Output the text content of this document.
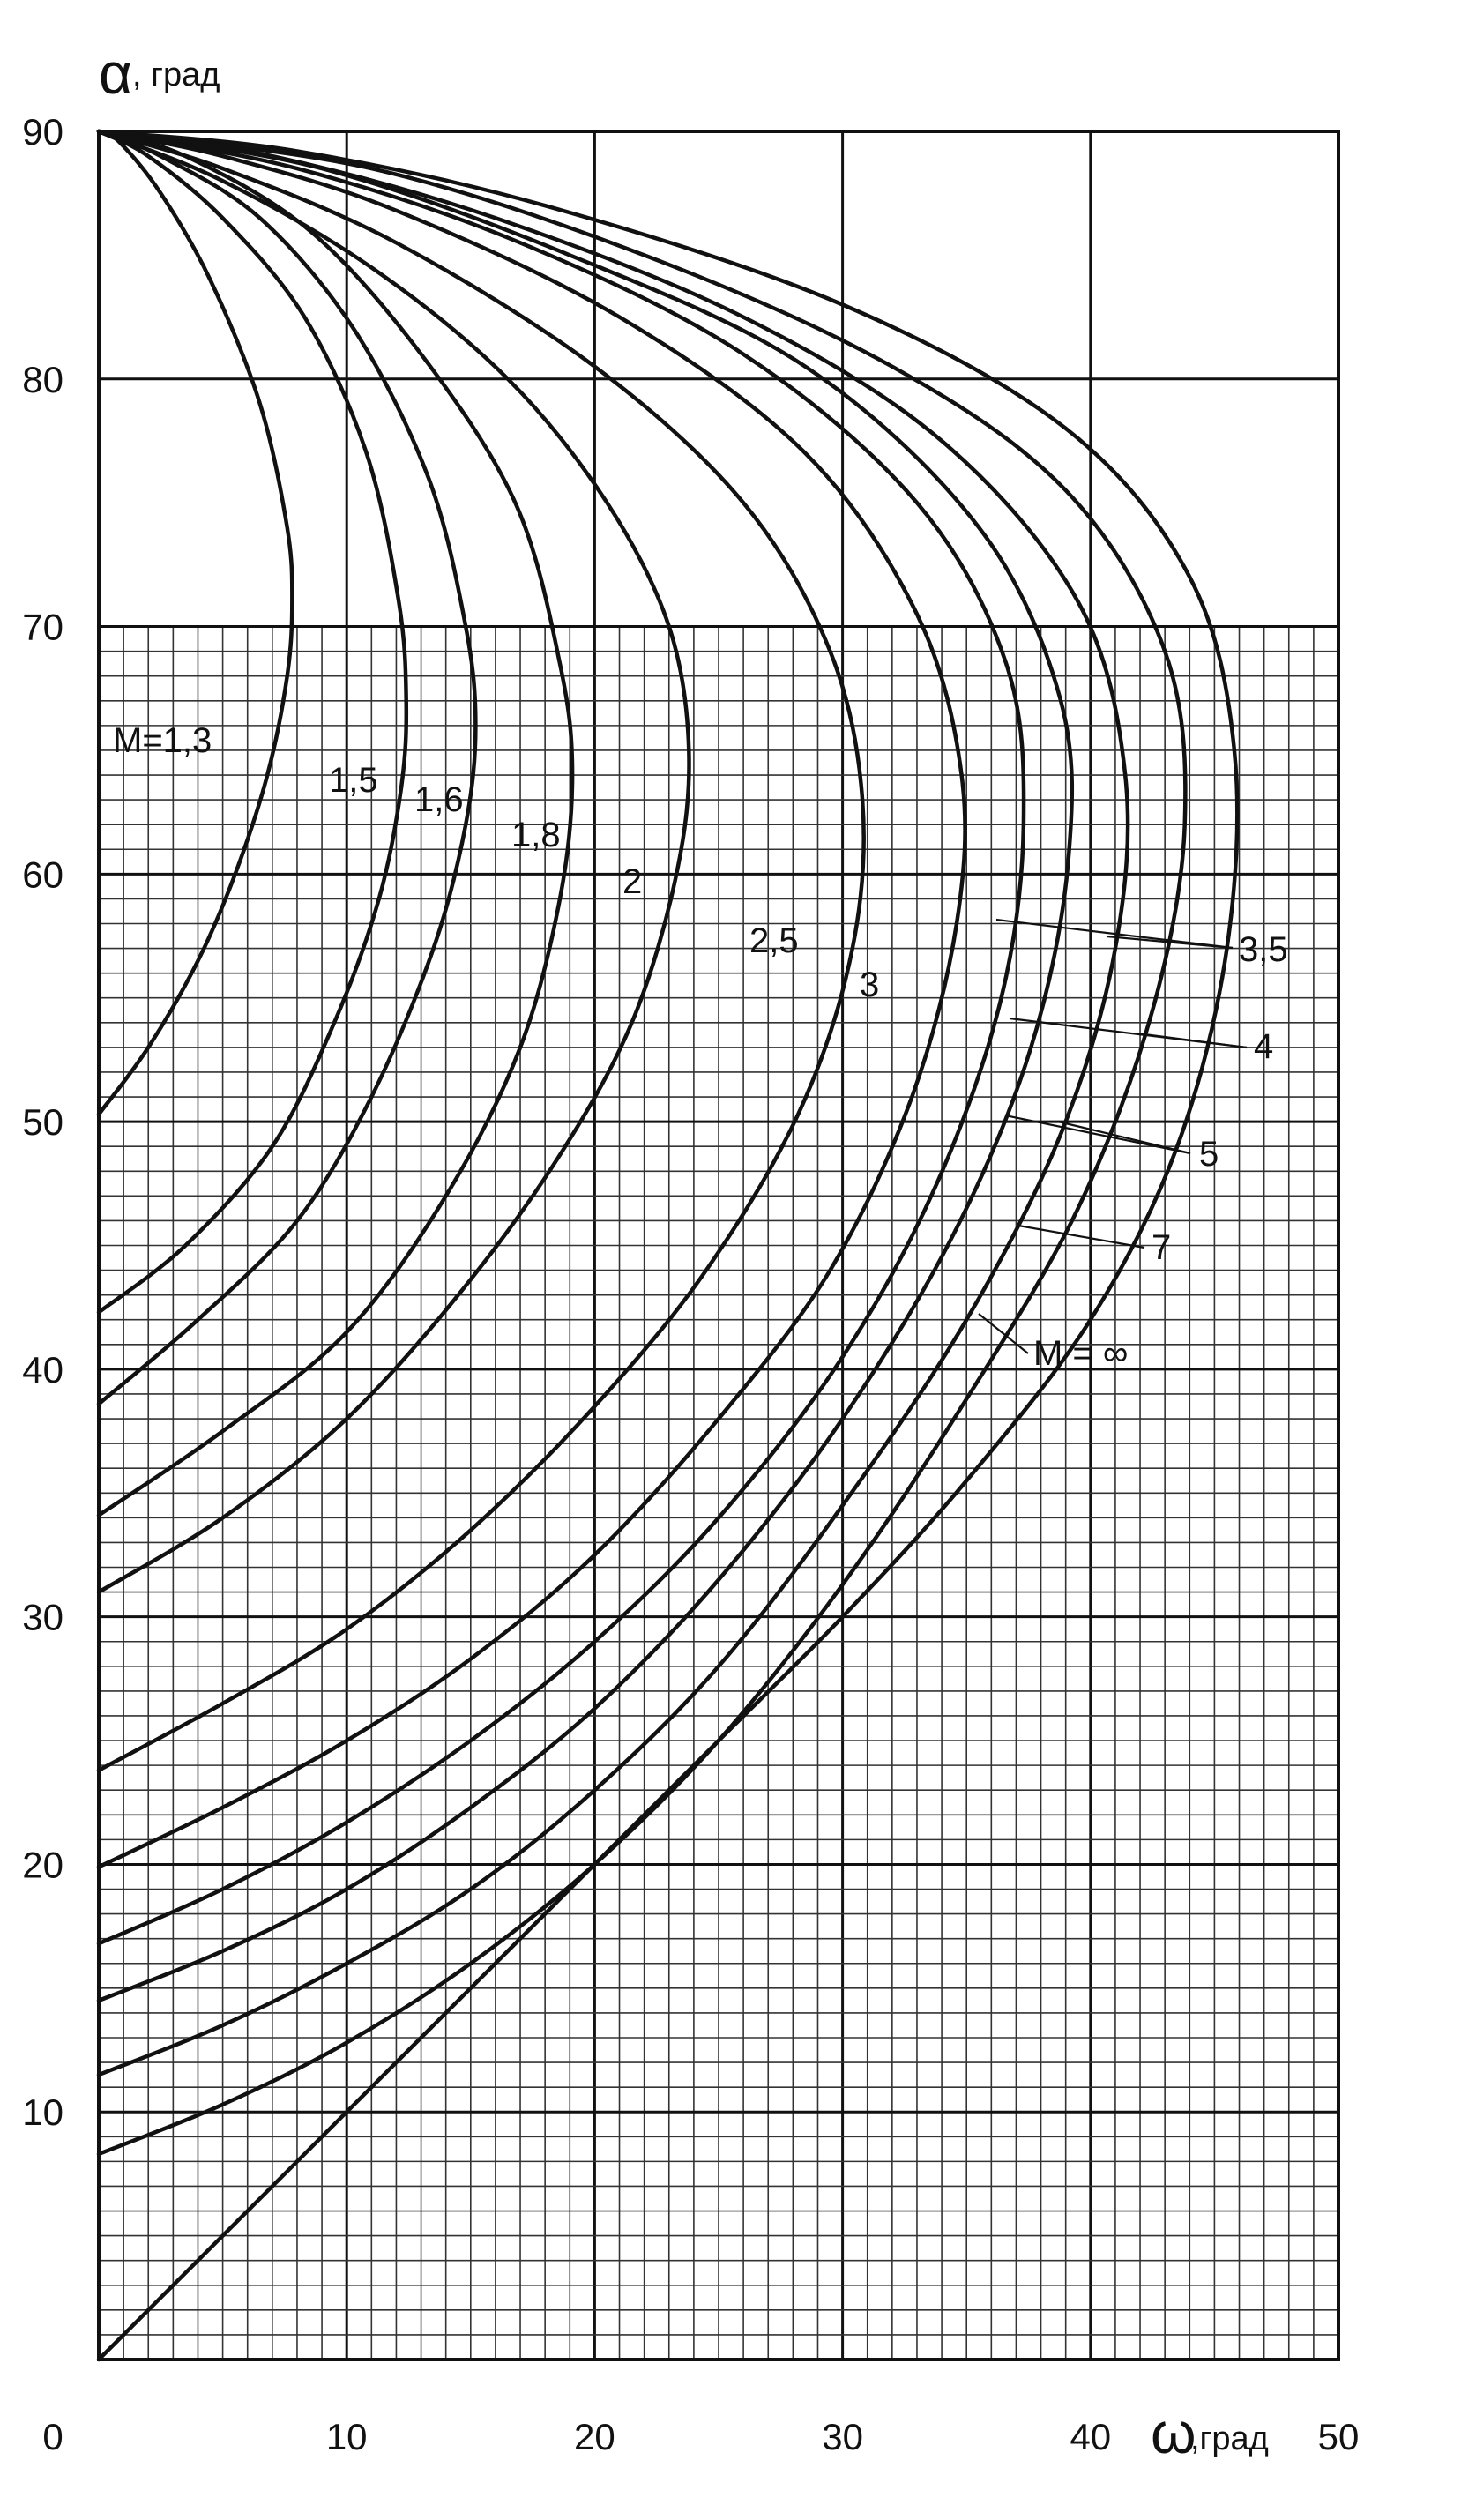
M=1,3
1,5 1,6
1,8
2
2,5
3
3,5
4
5
7
M = ∞
0	10	20	30	40	50
10
20
30
40
50
60
70
80
90
α , град
ω
,град
